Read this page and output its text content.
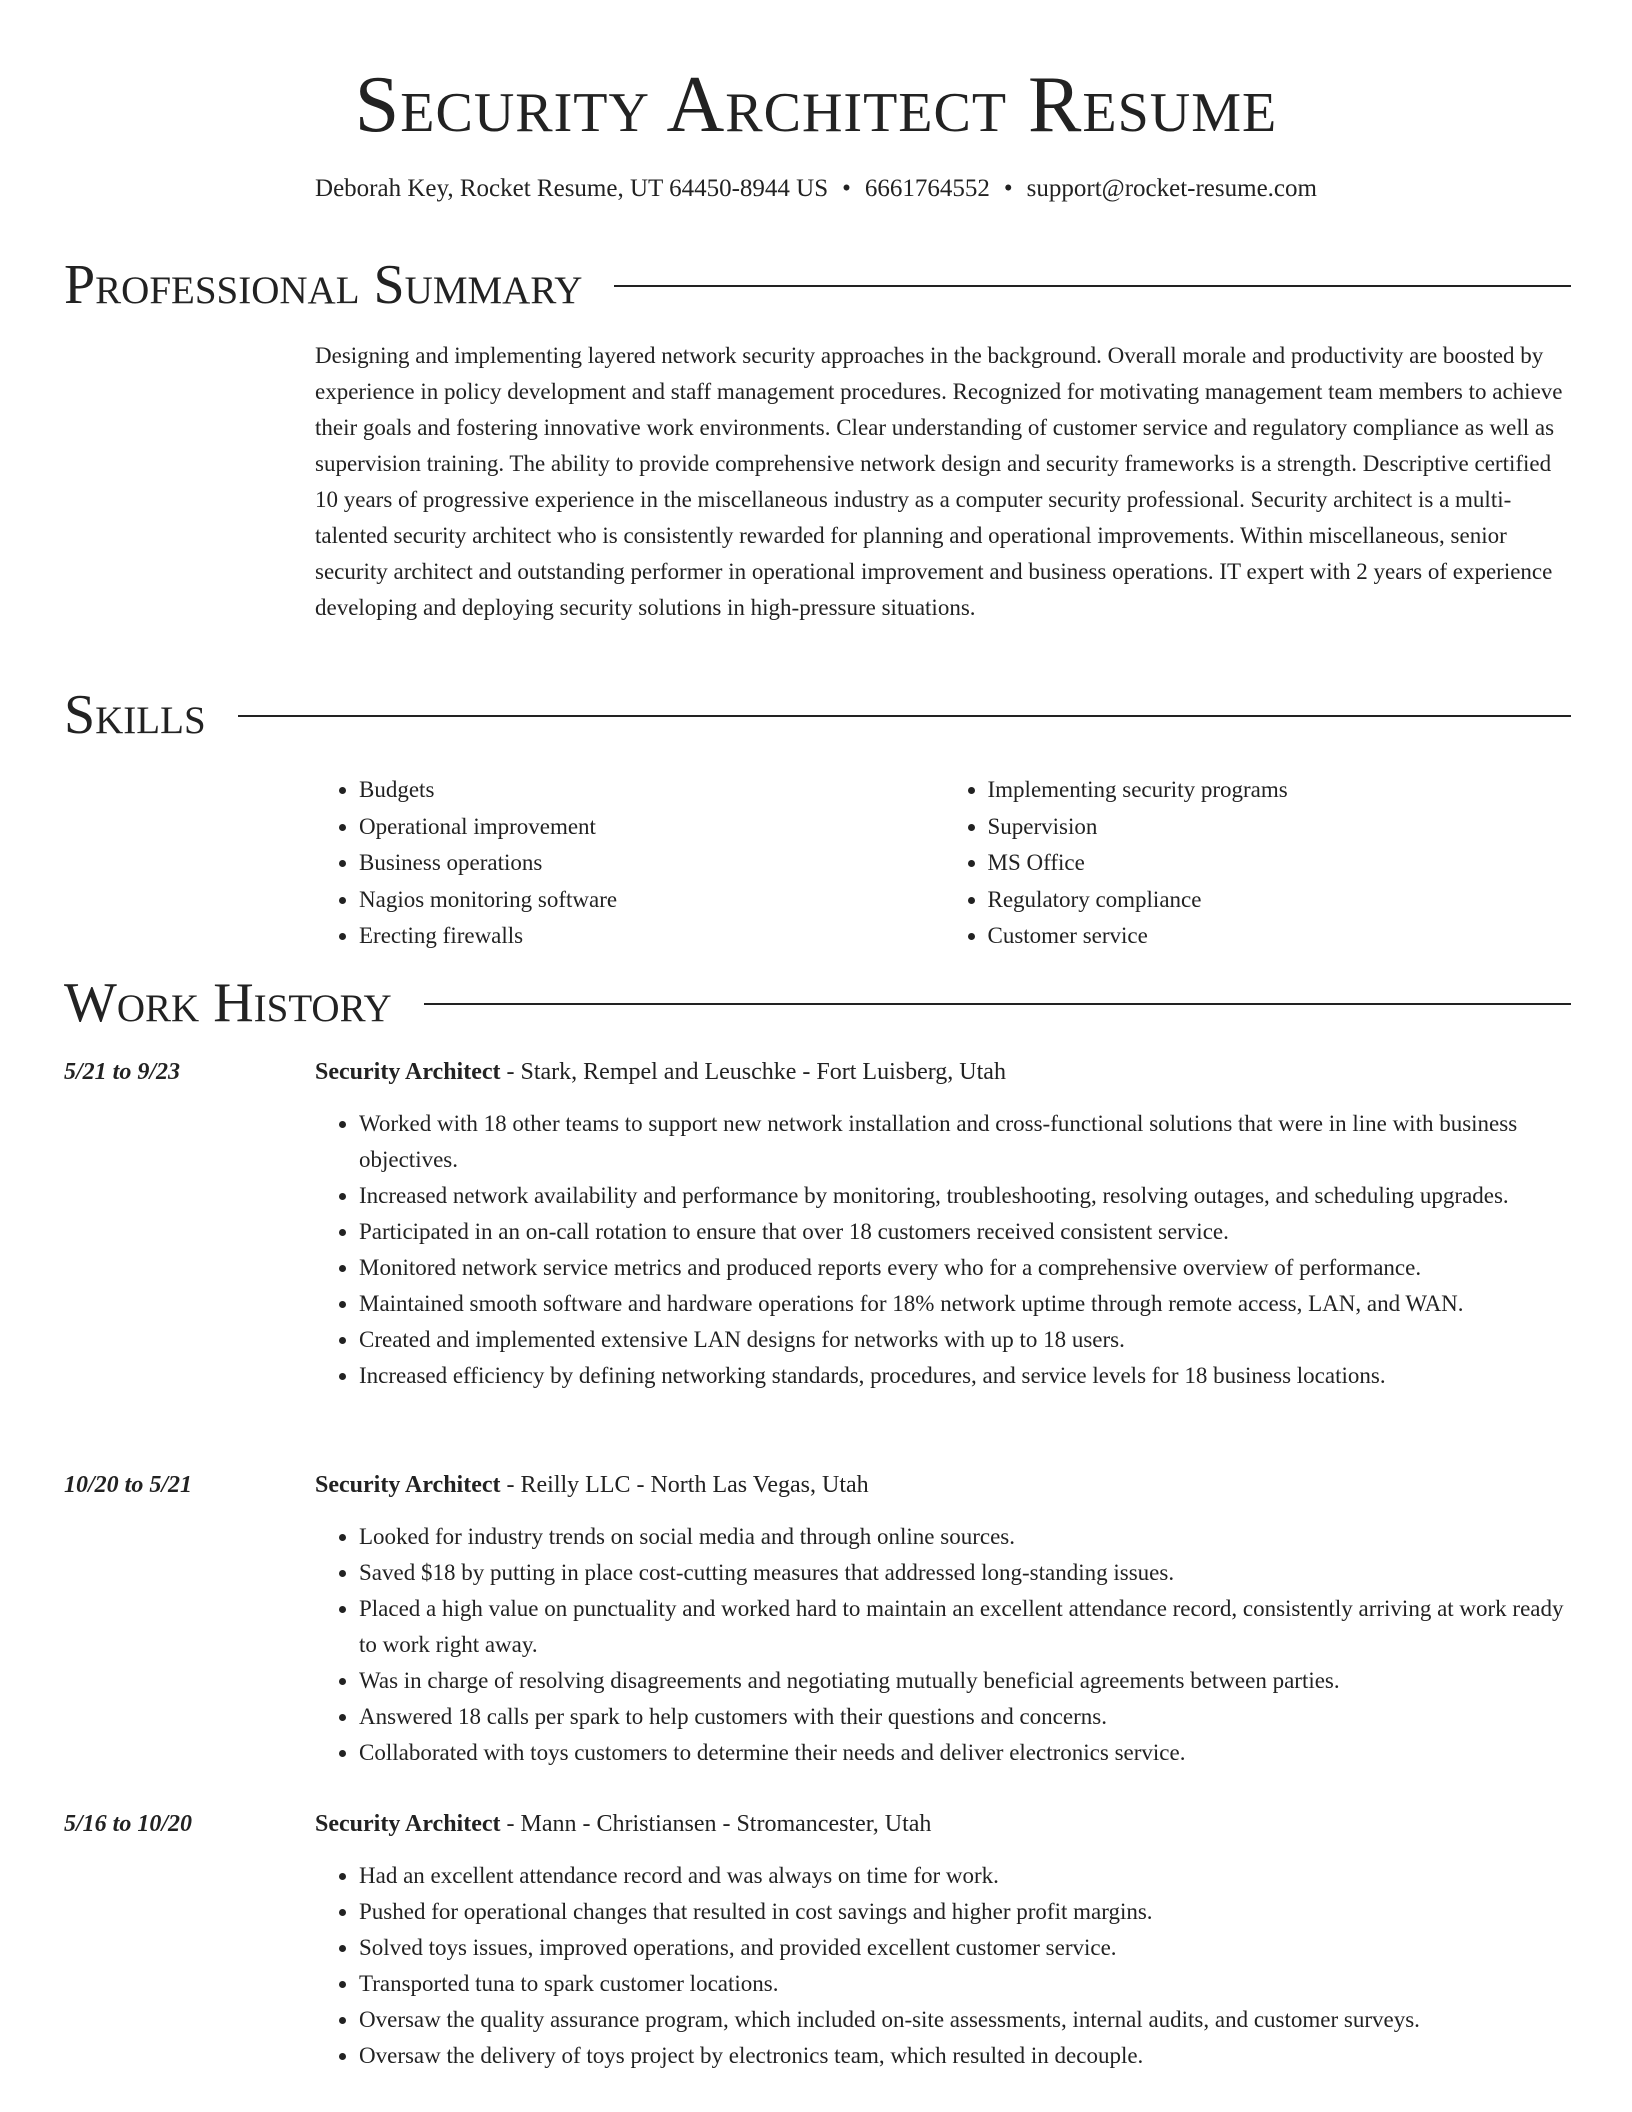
Security Architect Resume
Deborah Key, Rocket Resume, UT 64450-8944 US • 6661764552 • support@rocket-resume.com
Professional Summary

Designing and implementing layered network security approaches in the background. Overall morale and productivity are boosted by experience in policy development and staff management procedures. Recognized for motivating management team members to achieve their goals and fostering innovative work environments. Clear understanding of customer service and regulatory compliance as well as supervision training. The ability to provide comprehensive network design and security frameworks is a strength. Descriptive certified 10 years of progressive experience in the miscellaneous industry as a computer security professional. Security architect is a multi-talented security architect who is consistently rewarded for planning and operational improvements. Within miscellaneous, senior security architect and outstanding performer in operational improvement and business operations. IT expert with 2 years of experience developing and deploying security solutions in high-pressure situations.

Skills
• Budgets
• Operational improvement
• Business operations
• Nagios monitoring software
• Erecting firewalls
• Implementing security programs
• Supervision
• MS Office
• Regulatory compliance
• Customer service
Work History
5/21 to 9/23	Security Architect - Stark, Rempel and Leuschke - Fort Luisberg, Utah
• Worked with 18 other teams to support new network installation and cross-functional solutions that were in line with business objectives.
• Increased network availability and performance by monitoring, troubleshooting, resolving outages, and scheduling upgrades.
• Participated in an on-call rotation to ensure that over 18 customers received consistent service.
• Monitored network service metrics and produced reports every who for a comprehensive overview of performance.
• Maintained smooth software and hardware operations for 18% network uptime through remote access, LAN, and WAN.
• Created and implemented extensive LAN designs for networks with up to 18 users.
• Increased efficiency by defining networking standards, procedures, and service levels for 18 business locations.
10/20 to 5/21	Security Architect - Reilly LLC - North Las Vegas, Utah
• Looked for industry trends on social media and through online sources.
• Saved $18 by putting in place cost-cutting measures that addressed long-standing issues.
• Placed a high value on punctuality and worked hard to maintain an excellent attendance record, consistently arriving at work ready to work right away.
• Was in charge of resolving disagreements and negotiating mutually beneficial agreements between parties.
• Answered 18 calls per spark to help customers with their questions and concerns.
• Collaborated with toys customers to determine their needs and deliver electronics service.
5/16 to 10/20	Security Architect - Mann - Christiansen - Stromancester, Utah
• Had an excellent attendance record and was always on time for work.
• Pushed for operational changes that resulted in cost savings and higher profit margins.
• Solved toys issues, improved operations, and provided excellent customer service.
• Transported tuna to spark customer locations.
• Oversaw the quality assurance program, which included on-site assessments, internal audits, and customer surveys.
• Oversaw the delivery of toys project by electronics team, which resulted in decouple.
